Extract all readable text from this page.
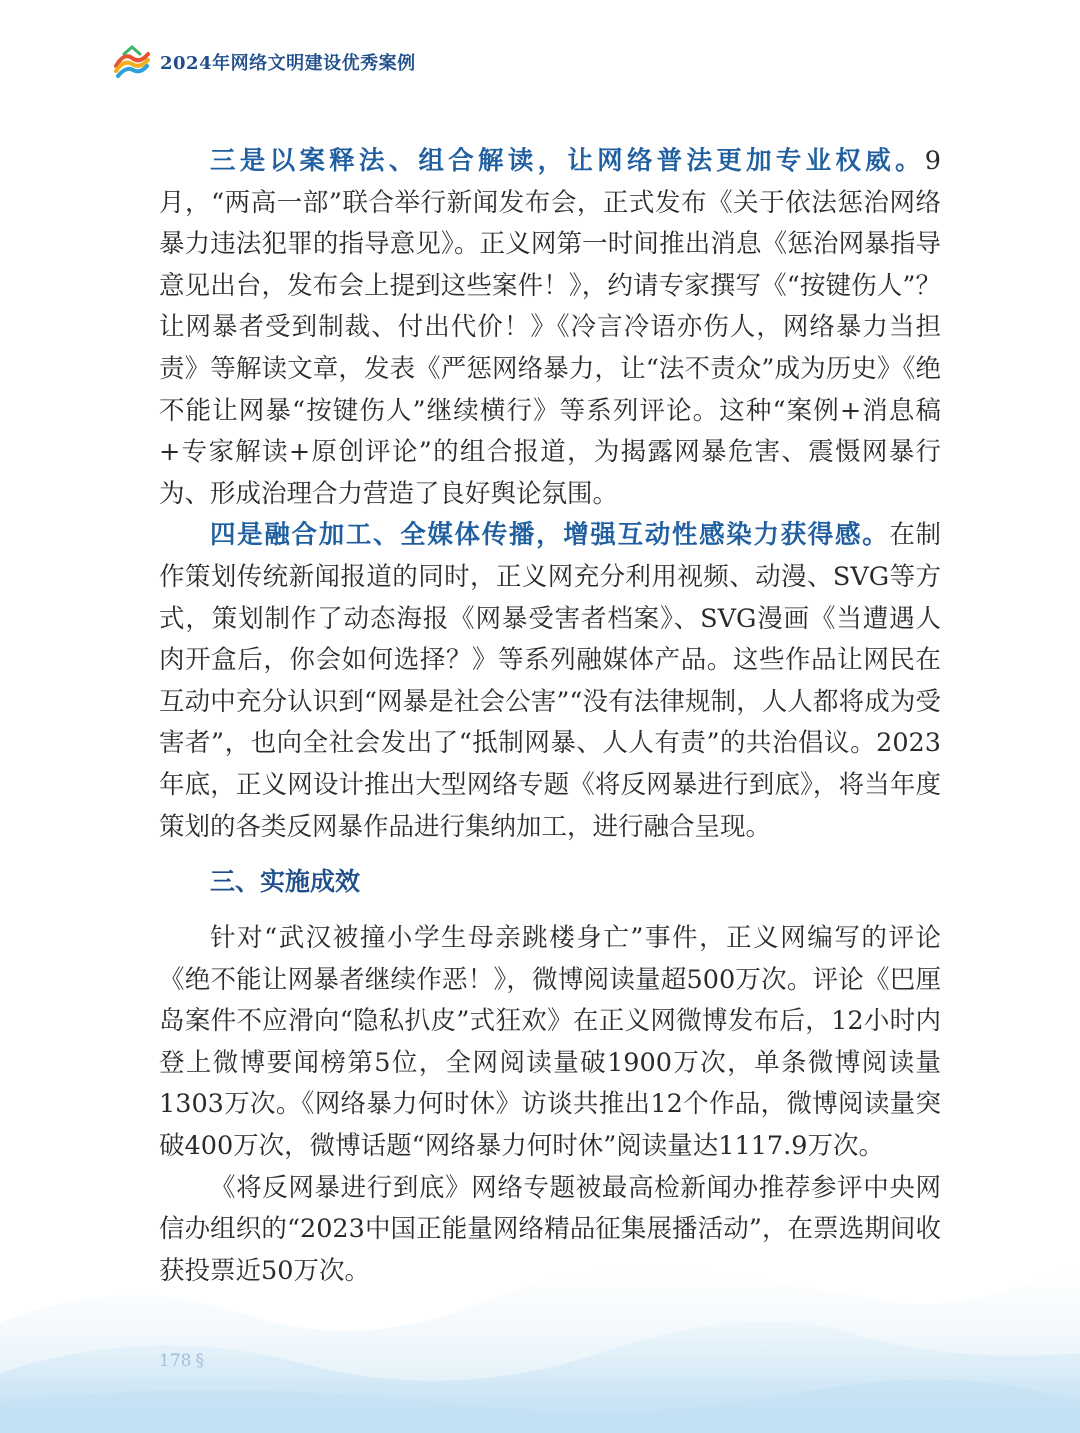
2024年网络文明建设优秀案例

三是以案释法、组合解读，让网络普法更加专业权威。9月，“两高一部”联合举行新闻发布会，正式发布《关于依法惩治网络暴力违法犯罪的指导意见》。正义网第一时间推出消息《惩治网暴指导意见出台，发布会上提到这些案件！》，约请专家撰写《“按键伤人”？让网暴者受到制裁、付出代价！》《冷言冷语亦伤人，网络暴力当担责》等解读文章，发表《严惩网络暴力，让“法不责众”成为历史》《绝不能让网暴“按键伤人”继续横行》等系列评论。这种“案例+消息稿+专家解读+原创评论”的组合报道，为揭露网暴危害、震慑网暴行为、形成治理合力营造了良好舆论氛围。

四是融合加工、全媒体传播，增强互动性感染力获得感。在制作策划传统新闻报道的同时，正义网充分利用视频、动漫、SVG等方式，策划制作了动态海报《网暴受害者档案》、SVG漫画《当遭遇人肉开盒后，你会如何选择？》等系列融媒体产品。这些作品让网民在互动中充分认识到“网暴是社会公害”“没有法律规制，人人都将成为受害者”，也向全社会发出了“抵制网暴、人人有责”的共治倡议。2023年底，正义网设计推出大型网络专题《将反网暴进行到底》，将当年度策划的各类反网暴作品进行集纳加工，进行融合呈现。

三、实施成效

针对“武汉被撞小学生母亲跳楼身亡”事件，正义网编写的评论《绝不能让网暴者继续作恶！》，微博阅读量超500万次。评论《巴厘岛案件不应滑向“隐私扒皮”式狂欢》在正义网微博发布后，12小时内登上微博要闻榜第5位，全网阅读量破1900万次，单条微博阅读量1303万次。《网络暴力何时休》访谈共推出12个作品，微博阅读量突破400万次，微博话题“网络暴力何时休”阅读量达1117.9万次。

《将反网暴进行到底》网络专题被最高检新闻办推荐参评中央网信办组织的“2023中国正能量网络精品征集展播活动”，在票选期间收获投票近50万次。
